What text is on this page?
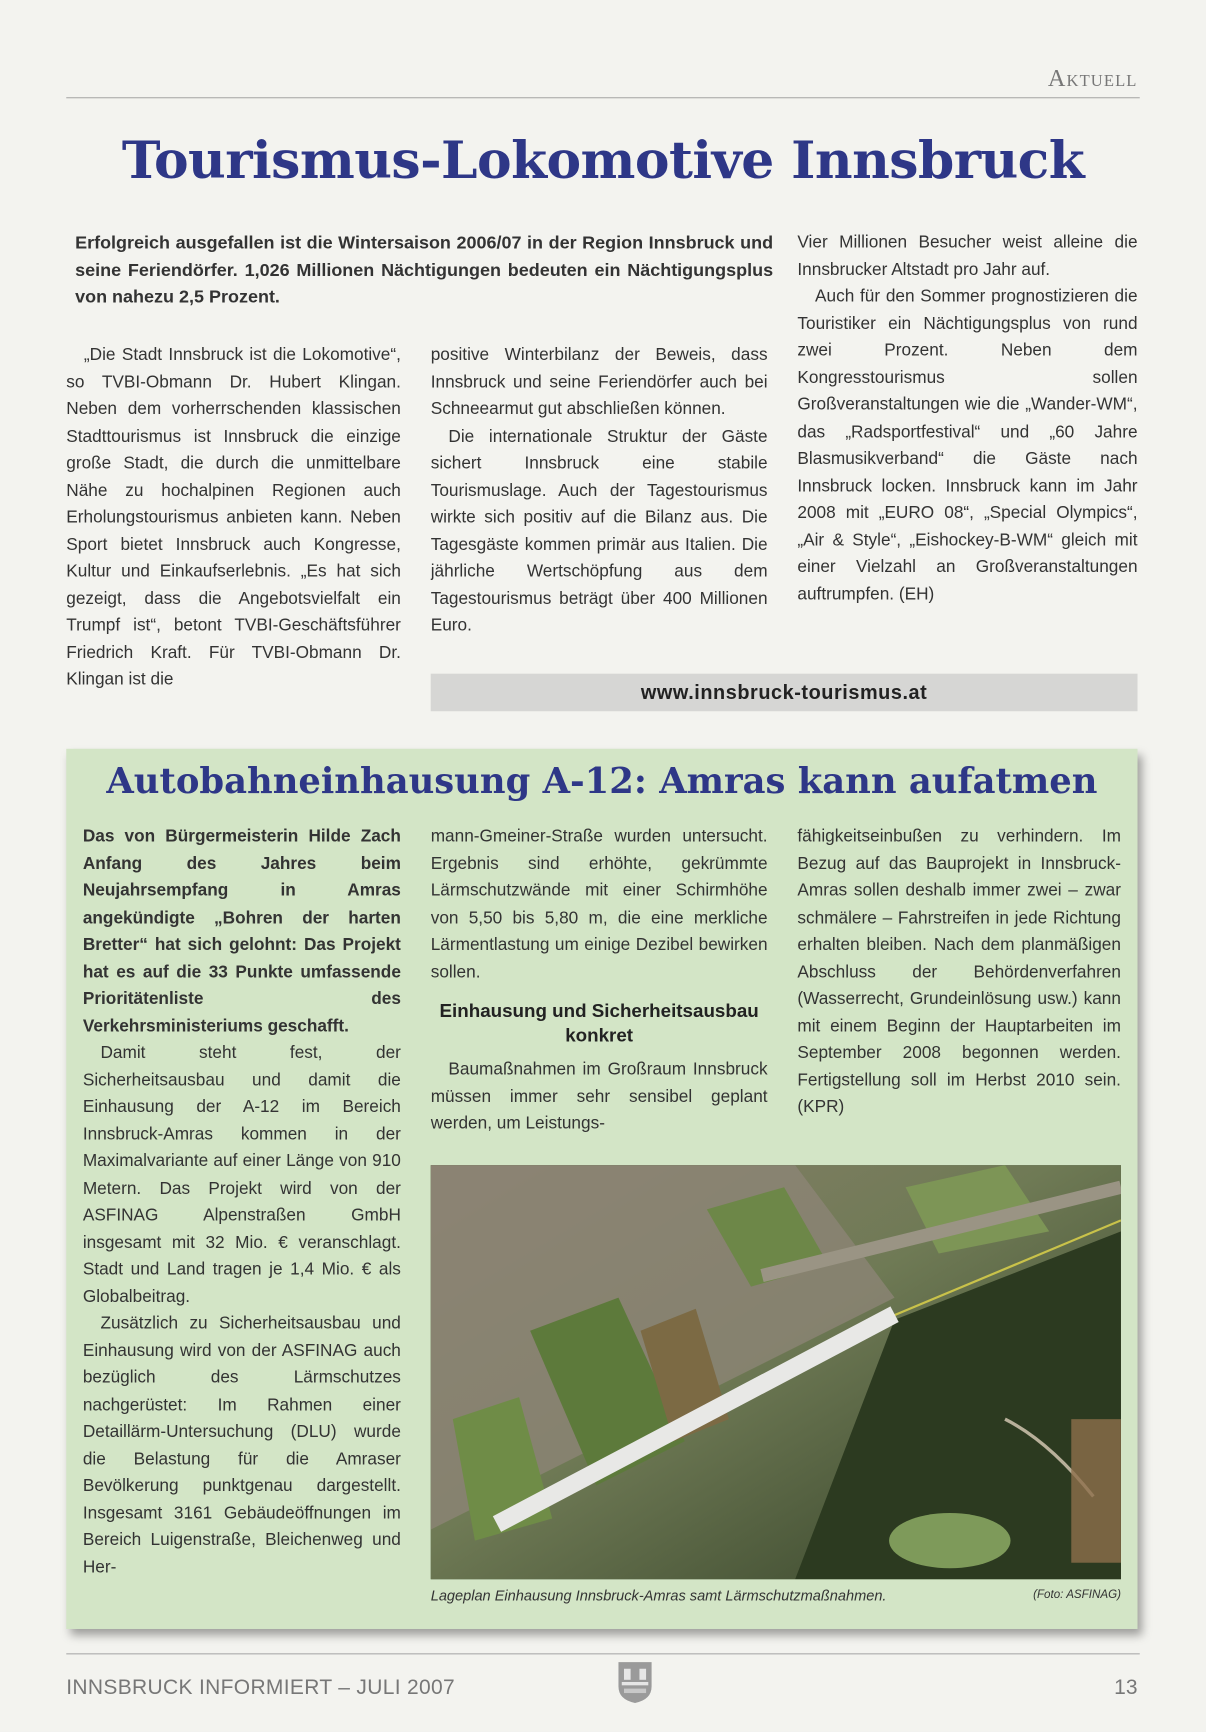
Aktuell
Tourismus-Lokomotive Innsbruck
Erfolgreich ausgefallen ist die Wintersaison 2006/07 in der Region Innsbruck und seine Feriendörfer. 1,026 Millionen Nächtigungen bedeuten ein Nächtigungsplus von nahezu 2,5 Prozent.

„Die Stadt Innsbruck ist die Lokomotive“, so TVBI-Obmann Dr. Hubert Klingan. Neben dem vorherrschenden klassischen Stadttourismus ist Innsbruck die einzige große Stadt, die durch die unmittelbare Nähe zu hochalpinen Regionen auch Erholungstourismus anbieten kann. Neben Sport bietet Innsbruck auch Kongresse, Kultur und Einkaufserlebnis. „Es hat sich gezeigt, dass die Angebotsvielfalt ein Trumpf ist“, betont TVBI-Geschäftsführer Friedrich Kraft. Für TVBI-Obmann Dr. Klingan ist die

positive Winterbilanz der Beweis, dass Innsbruck und seine Feriendörfer auch bei Schneearmut gut abschließen können.

Die internationale Struktur der Gäste sichert Innsbruck eine stabile Tourismuslage. Auch der Tagestourismus wirkte sich positiv auf die Bilanz aus. Die Tagesgäste kommen primär aus Italien. Die jährliche Wertschöpfung aus dem Tagestourismus beträgt über 400 Millionen Euro.

Vier Millionen Besucher weist alleine die Innsbrucker Altstadt pro Jahr auf.

Auch für den Sommer prognostizieren die Touristiker ein Nächtigungsplus von rund zwei Prozent. Neben dem Kongresstourismus sollen Großveranstaltungen wie die „Wander-WM“, das „Radsportfestival“ und „60 Jahre Blasmusikverband“ die Gäste nach Innsbruck locken. Innsbruck kann im Jahr 2008 mit „EURO 08“, „Special Olympics“, „Air & Style“, „Eishockey-B-WM“ gleich mit einer Vielzahl an Großveranstaltungen auftrumpfen. (EH)

www.innsbruck-tourismus.at
Autobahneinhausung A-12: Amras kann aufatmen

Das von Bürgermeisterin Hilde Zach Anfang des Jahres beim Neujahrsempfang in Amras angekündigte „Bohren der harten Bretter“ hat sich gelohnt: Das Projekt hat es auf die 33 Punkte umfassende Prioritätenliste des Verkehrsministeriums geschafft.

Damit steht fest, der Sicherheitsausbau und damit die Einhausung der A-12 im Bereich Innsbruck-Amras kommen in der Maximalvariante auf einer Länge von 910 Metern. Das Projekt wird von der ASFINAG Alpenstraßen GmbH insgesamt mit 32 Mio. € veranschlagt. Stadt und Land tragen je 1,4 Mio. € als Globalbeitrag.

Zusätzlich zu Sicherheitsausbau und Einhausung wird von der ASFINAG auch bezüglich des Lärmschutzes nachgerüstet: Im Rahmen einer Detaillärm-Untersuchung (DLU) wurde die Belastung für die Amraser Bevölkerung punktgenau dargestellt. Insgesamt 3161 Gebäudeöffnungen im Bereich Luigenstraße, Bleichenweg und Her-

mann-Gmeiner-Straße wurden untersucht. Ergebnis sind erhöhte, gekrümmte Lärmschutzwände mit einer Schirmhöhe von 5,50 bis 5,80 m, die eine merkliche Lärmentlastung um einige Dezibel bewirken sollen.

Einhausung und Sicherheitsausbau konkret

Baumaßnahmen im Großraum Innsbruck müssen immer sehr sensibel geplant werden, um Leistungs-

fähigkeitseinbußen zu verhindern. Im Bezug auf das Bauprojekt in Innsbruck-Amras sollen deshalb immer zwei – zwar schmälere – Fahrstreifen in jede Richtung erhalten bleiben. Nach dem planmäßigen Abschluss der Behördenverfahren (Wasserrecht, Grundeinlösung usw.) kann mit einem Beginn der Hauptarbeiten im September 2008 begonnen werden. Fertigstellung soll im Herbst 2010 sein. (KPR)

Lageplan Einhausung Innsbruck-Amras samt Lärmschutzmaßnahmen.	(Foto: ASFINAG)
INNSBRUCK INFORMIERT – JULI 2007	13
